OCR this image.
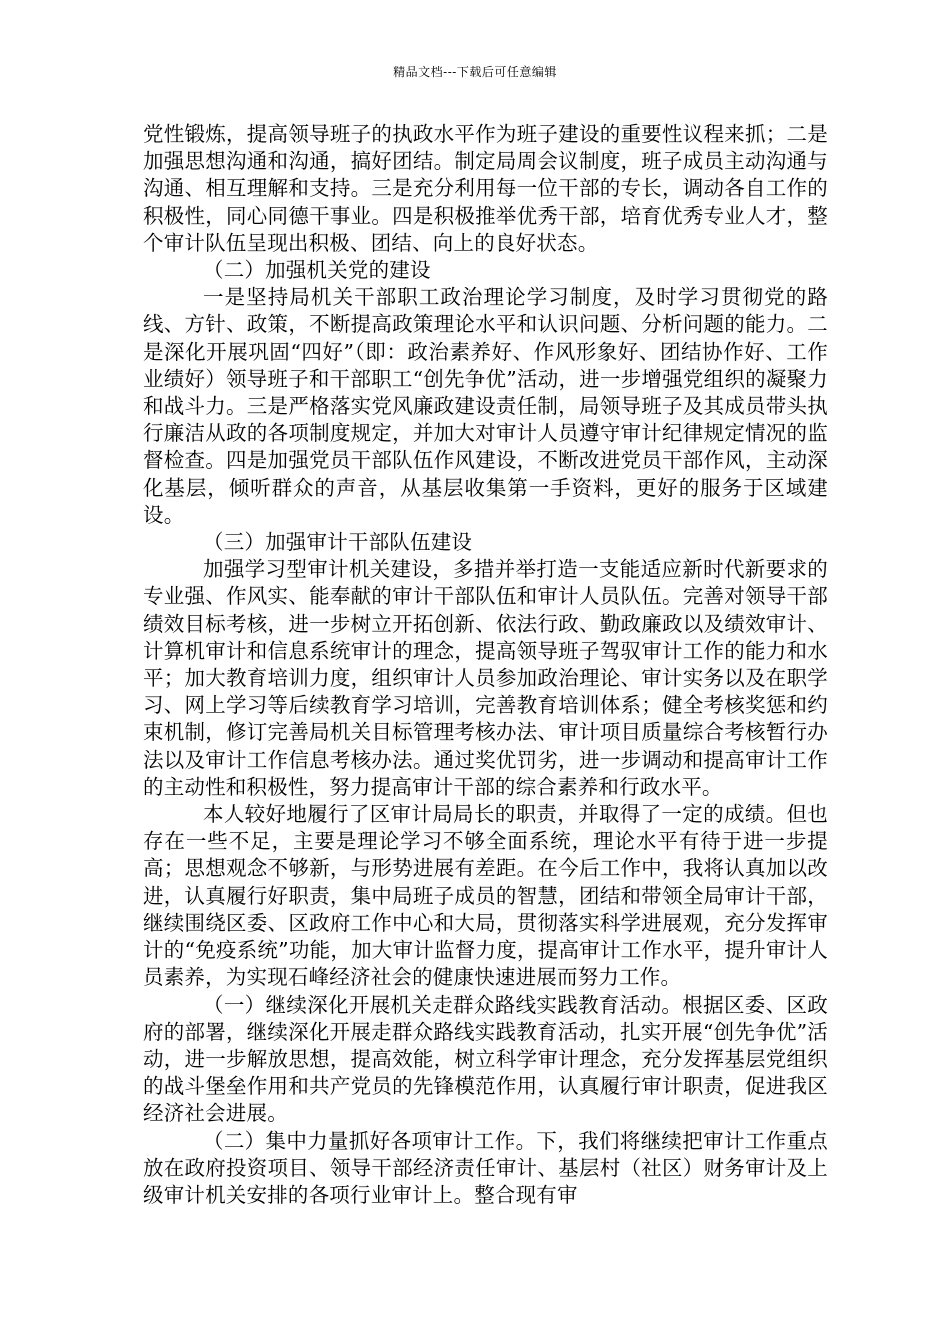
精品文档---下载后可任意编辑

党性锻炼，提高领导班子的执政水平作为班子建设的重要性议程来抓；二是加强思想沟通和沟通，搞好团结。制定局周会议制度，班子成员主动沟通与沟通、相互理解和支持。三是充分利用每一位干部的专长，调动各自工作的积极性，同心同德干事业。四是积极推举优秀干部，培育优秀专业人才，整个审计队伍呈现出积极、团结、向上的良好状态。

（二）加强机关党的建设

一是坚持局机关干部职工政治理论学习制度，及时学习贯彻党的路线、方针、政策，不断提高政策理论水平和认识问题、分析问题的能力。二是深化开展巩固“四好”（即：政治素养好、作风形象好、团结协作好、工作业绩好）领导班子和干部职工“创先争优”活动，进一步增强党组织的凝聚力和战斗力。三是严格落实党风廉政建设责任制，局领导班子及其成员带头执行廉洁从政的各项制度规定，并加大对审计人员遵守审计纪律规定情况的监督检查。四是加强党员干部队伍作风建设，不断改进党员干部作风，主动深化基层，倾听群众的声音，从基层收集第一手资料，更好的服务于区域建设。

（三）加强审计干部队伍建设

加强学习型审计机关建设，多措并举打造一支能适应新时代新要求的专业强、作风实、能奉献的审计干部队伍和审计人员队伍。完善对领导干部绩效目标考核，进一步树立开拓创新、依法行政、勤政廉政以及绩效审计、计算机审计和信息系统审计的理念，提高领导班子驾驭审计工作的能力和水平；加大教育培训力度，组织审计人员参加政治理论、审计实务以及在职学习、网上学习等后续教育学习培训，完善教育培训体系；健全考核奖惩和约束机制，修订完善局机关目标管理考核办法、审计项目质量综合考核暂行办法以及审计工作信息考核办法。通过奖优罚劣，进一步调动和提高审计工作的主动性和积极性，努力提高审计干部的综合素养和行政水平。

本人较好地履行了区审计局局长的职责，并取得了一定的成绩。但也存在一些不足，主要是理论学习不够全面系统，理论水平有待于进一步提高；思想观念不够新，与形势进展有差距。在今后工作中，我将认真加以改进，认真履行好职责，集中局班子成员的智慧，团结和带领全局审计干部，继续围绕区委、区政府工作中心和大局，贯彻落实科学进展观，充分发挥审计的“免疫系统”功能，加大审计监督力度，提高审计工作水平，提升审计人员素养，为实现石峰经济社会的健康快速进展而努力工作。

（一）继续深化开展机关走群众路线实践教育活动。根据区委、区政府的部署，继续深化开展走群众路线实践教育活动，扎实开展“创先争优”活动，进一步解放思想，提高效能，树立科学审计理念，充分发挥基层党组织的战斗堡垒作用和共产党员的先锋模范作用，认真履行审计职责，促进我区经济社会进展。

（二）集中力量抓好各项审计工作。下，我们将继续把审计工作重点放在政府投资项目、领导干部经济责任审计、基层村（社区）财务审计及上级审计机关安排的各项行业审计上。整合现有审
